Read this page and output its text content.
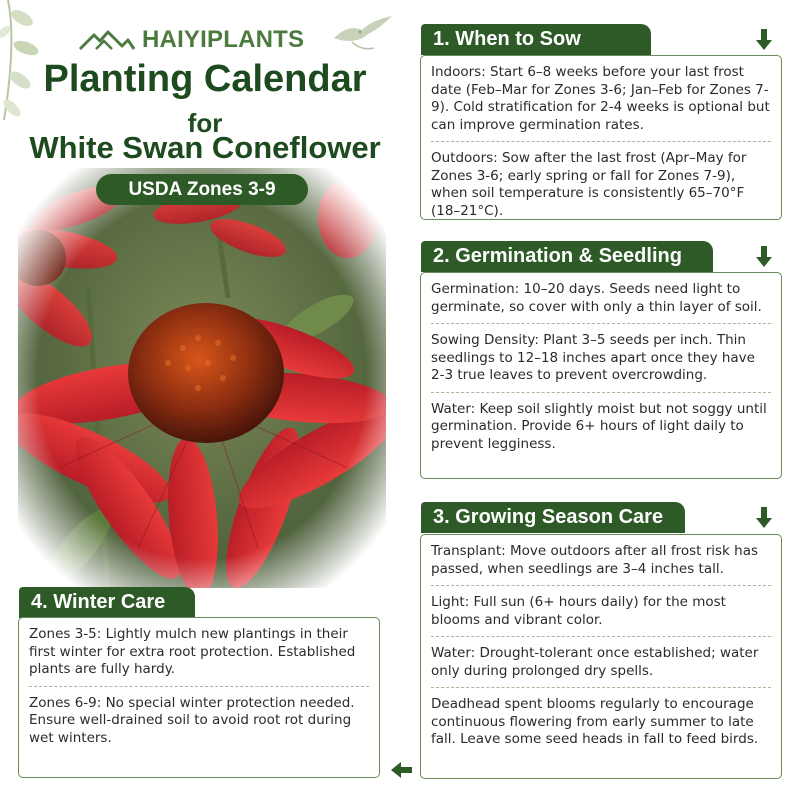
HAIYIPLANTS
Planting Calendar
for
White Swan Coneflower
USDA Zones 3-9
1. When to Sow
Indoors: Start 6–8 weeks before your last frost date (Feb–Mar for Zones 3-6; Jan–Feb for Zones 7-9). Cold stratification for 2-4 weeks is optional but can improve germination rates.
Outdoors: Sow after the last frost (Apr–May for Zones 3-6; early spring or fall for Zones 7-9), when soil temperature is consistently 65–70°F (18–21°C).
2. Germination & Seedling
Germination: 10–20 days. Seeds need light to germinate, so cover with only a thin layer of soil.
Sowing Density: Plant 3–5 seeds per inch. Thin seedlings to 12–18 inches apart once they have 2-3 true leaves to prevent overcrowding.
Water: Keep soil slightly moist but not soggy until germination. Provide 6+ hours of light daily to prevent legginess.
3. Growing Season Care
Transplant: Move outdoors after all frost risk has passed, when seedlings are 3–4 inches tall.
Light: Full sun (6+ hours daily) for the most blooms and vibrant color.
Water: Drought-tolerant once established; water only during prolonged dry spells.
Deadhead spent blooms regularly to encourage continuous flowering from early summer to late fall. Leave some seed heads in fall to feed birds.
4. Winter Care
Zones 3-5: Lightly mulch new plantings in their first winter for extra root protection. Established plants are fully hardy.
Zones 6-9: No special winter protection needed. Ensure well-drained soil to avoid root rot during wet winters.
